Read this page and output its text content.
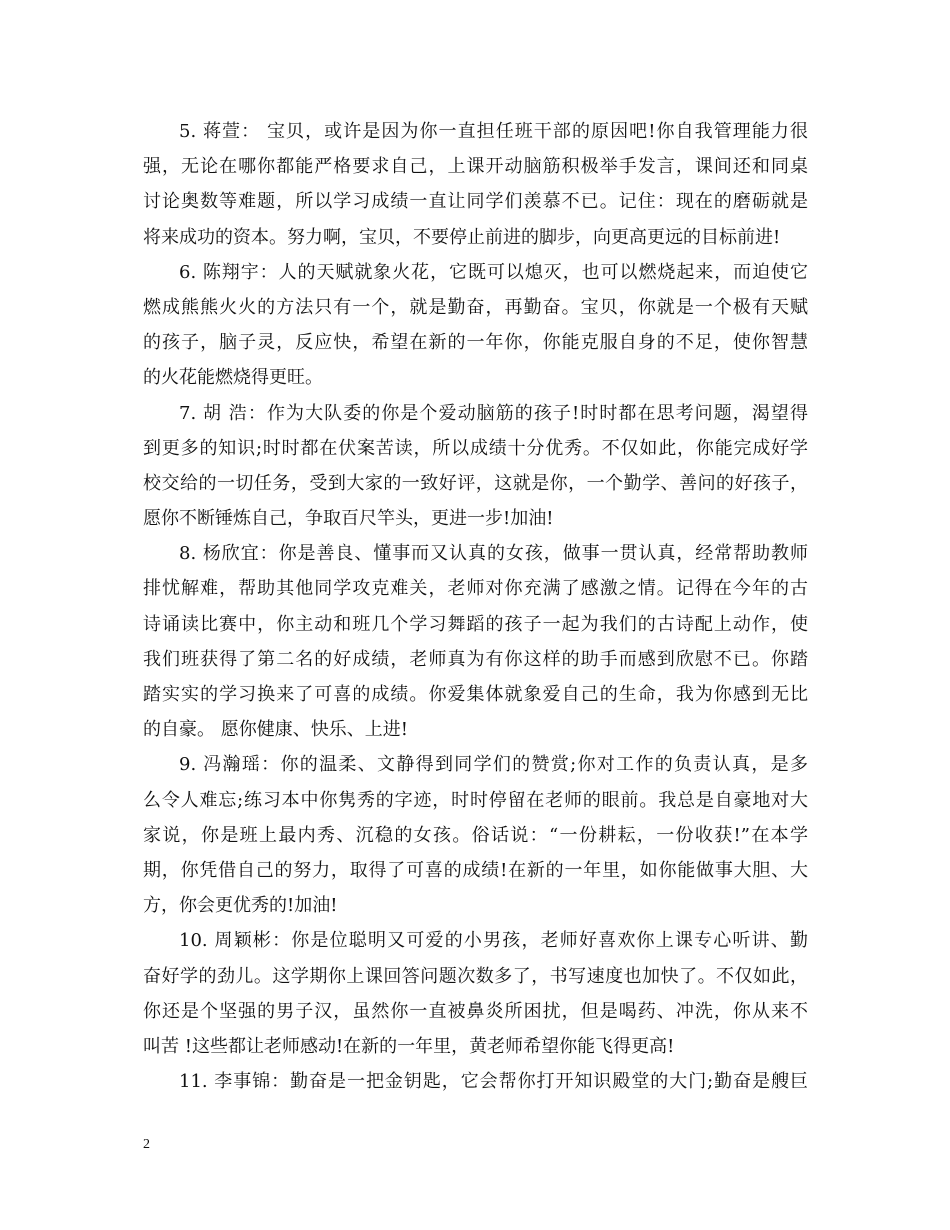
5. 蒋萱： 宝贝，或许是因为你一直担任班干部的原因吧!你自我管理能力很
强，无论在哪你都能严格要求自己，上课开动脑筋积极举手发言，课间还和同桌
讨论奥数等难题，所以学习成绩一直让同学们羡慕不已。记住：现在的磨砺就是
将来成功的资本。努力啊，宝贝，不要停止前进的脚步，向更高更远的目标前进!
6. 陈翔宇：人的天赋就象火花，它既可以熄灭，也可以燃烧起来，而迫使它
燃成熊熊火火的方法只有一个，就是勤奋，再勤奋。宝贝，你就是一个极有天赋
的孩子，脑子灵，反应快，希望在新的一年你，你能克服自身的不足，使你智慧
的火花能燃烧得更旺。
7. 胡 浩：作为大队委的你是个爱动脑筋的孩子!时时都在思考问题，渴望得
到更多的知识;时时都在伏案苦读，所以成绩十分优秀。不仅如此，你能完成好学
校交给的一切任务，受到大家的一致好评，这就是你，一个勤学、善问的好孩子，
愿你不断锤炼自己，争取百尺竿头，更进一步!加油!
8. 杨欣宜：你是善良、懂事而又认真的女孩，做事一贯认真，经常帮助教师
排忧解难，帮助其他同学攻克难关，老师对你充满了感激之情。记得在今年的古
诗诵读比赛中，你主动和班几个学习舞蹈的孩子一起为我们的古诗配上动作，使
我们班获得了第二名的好成绩，老师真为有你这样的助手而感到欣慰不已。你踏
踏实实的学习换来了可喜的成绩。你爱集体就象爱自己的生命，我为你感到无比
的自豪。 愿你健康、快乐、上进!
9. 冯瀚瑶：你的温柔、文静得到同学们的赞赏;你对工作的负责认真，是多
么令人难忘;练习本中你隽秀的字迹，时时停留在老师的眼前。我总是自豪地对大
家说，你是班上最内秀、沉稳的女孩。俗话说：“一份耕耘，一份收获!”在本学
期，你凭借自己的努力，取得了可喜的成绩!在新的一年里，如你能做事大胆、大
方，你会更优秀的!加油!
10. 周颖彬：你是位聪明又可爱的小男孩，老师好喜欢你上课专心听讲、勤
奋好学的劲儿。这学期你上课回答问题次数多了，书写速度也加快了。不仅如此，
你还是个坚强的男子汉，虽然你一直被鼻炎所困扰，但是喝药、冲洗，你从来不
叫苦 !这些都让老师感动!在新的一年里，黄老师希望你能飞得更高!
11. 李事锦：勤奋是一把金钥匙，它会帮你打开知识殿堂的大门;勤奋是艘巨
2
